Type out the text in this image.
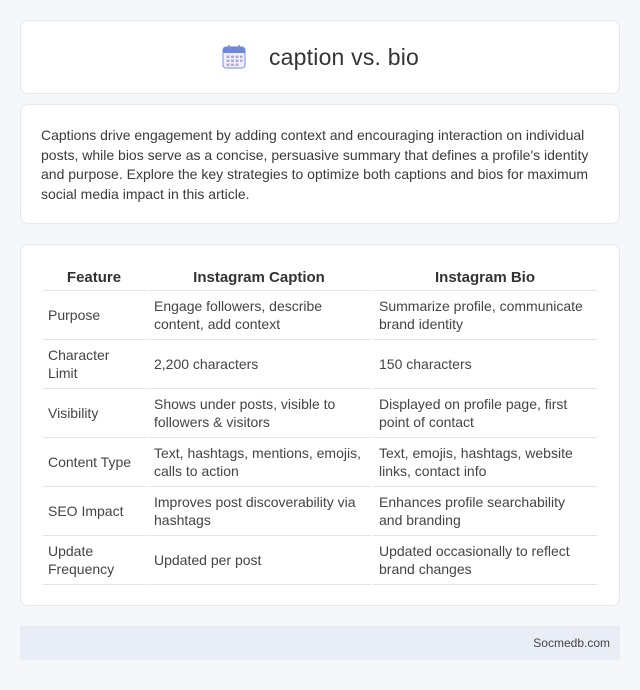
caption vs. bio

Captions drive engagement by adding context and encouraging interaction on individual posts, while bios serve as a concise, persuasive summary that defines a profile's identity and purpose. Explore the key strategies to optimize both captions and bios for maximum social media impact in this article.

Feature	Instagram Caption	Instagram Bio
Purpose	Engage followers, describe content, add context	Summarize profile, communicate brand identity
Character Limit	2,200 characters	150 characters
Visibility	Shows under posts, visible to followers & visitors	Displayed on profile page, first point of contact
Content Type	Text, hashtags, mentions, emojis, calls to action	Text, emojis, hashtags, website links, contact info
SEO Impact	Improves post discoverability via hashtags	Enhances profile searchability and branding
Update Frequency	Updated per post	Updated occasionally to reflect brand changes
Socmedb.com
